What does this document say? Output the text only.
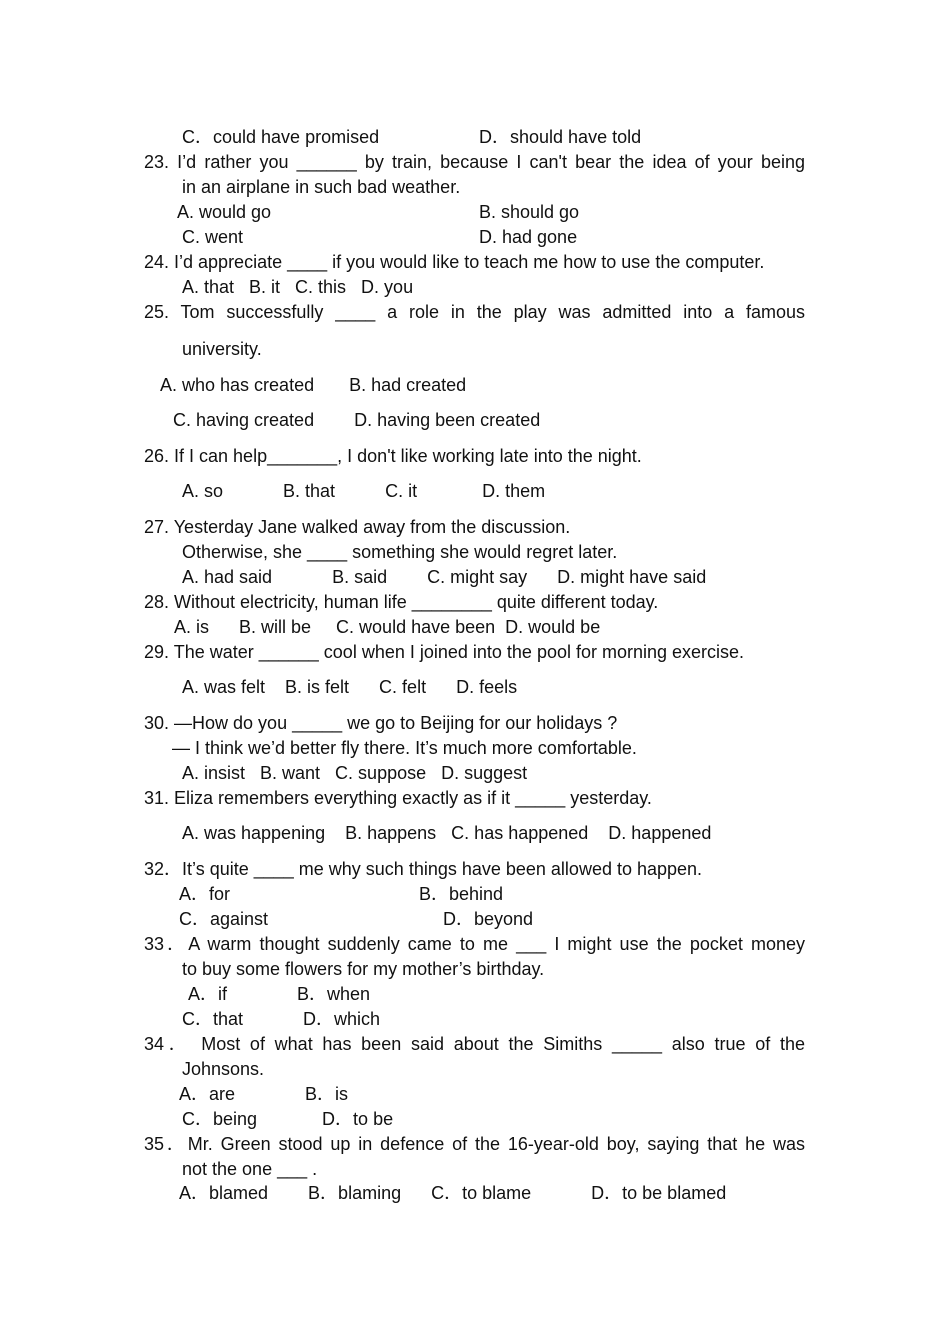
C．could have promised	D．should have told
23. I’d rather you ______ by train, because I can't bear the idea of your being
in an airplane in such bad weather.
A. would go	B. should go
C. went	D. had gone
24. I’d appreciate ____ if you would like to teach me how to use the computer.
A. that   B. it   C. this   D. you
25. Tom successfully ____ a role in the play was admitted into a famous
university.
A. who has created       B. had created
C. having created        D. having been created
26. If I can help_______, I don't like working late into the night.
A. so            B. that          C. it             D. them
27. Yesterday Jane walked away from the discussion.
Otherwise, she ____ something she would regret later.
A. had said            B. said        C. might say      D. might have said
28. Without electricity, human life ________ quite different today.
A. is      B. will be     C. would have been  D. would be
29. The water ______ cool when I joined into the pool for morning exercise.
A. was felt    B. is felt      C. felt      D. feels
30. —How do you _____ we go to Beijing for our holidays ?
— I think we’d better fly there. It’s much more comfortable.
A. insist   B. want   C. suppose   D. suggest
31. Eliza remembers everything exactly as if it _____ yesterday.
A. was happening    B. happens   C. has happened    D. happened
32．It’s quite ____ me why such things have been allowed to happen.
A．for	B．behind
C．against	D．beyond
33．A warm thought suddenly came to me ___ I might use the pocket money
to buy some flowers for my mother’s birthday.
A．if              B．when
C．that            D．which
34． Most of what has been said about the Simiths _____ also true of the
Johnsons.
A．are              B．is
C．being             D．to be
35．Mr. Green stood up in defence of the 16-year-old boy, saying that he was
not the one ___ .
A．blamed        B．blaming      C．to blame            D．to be blamed
